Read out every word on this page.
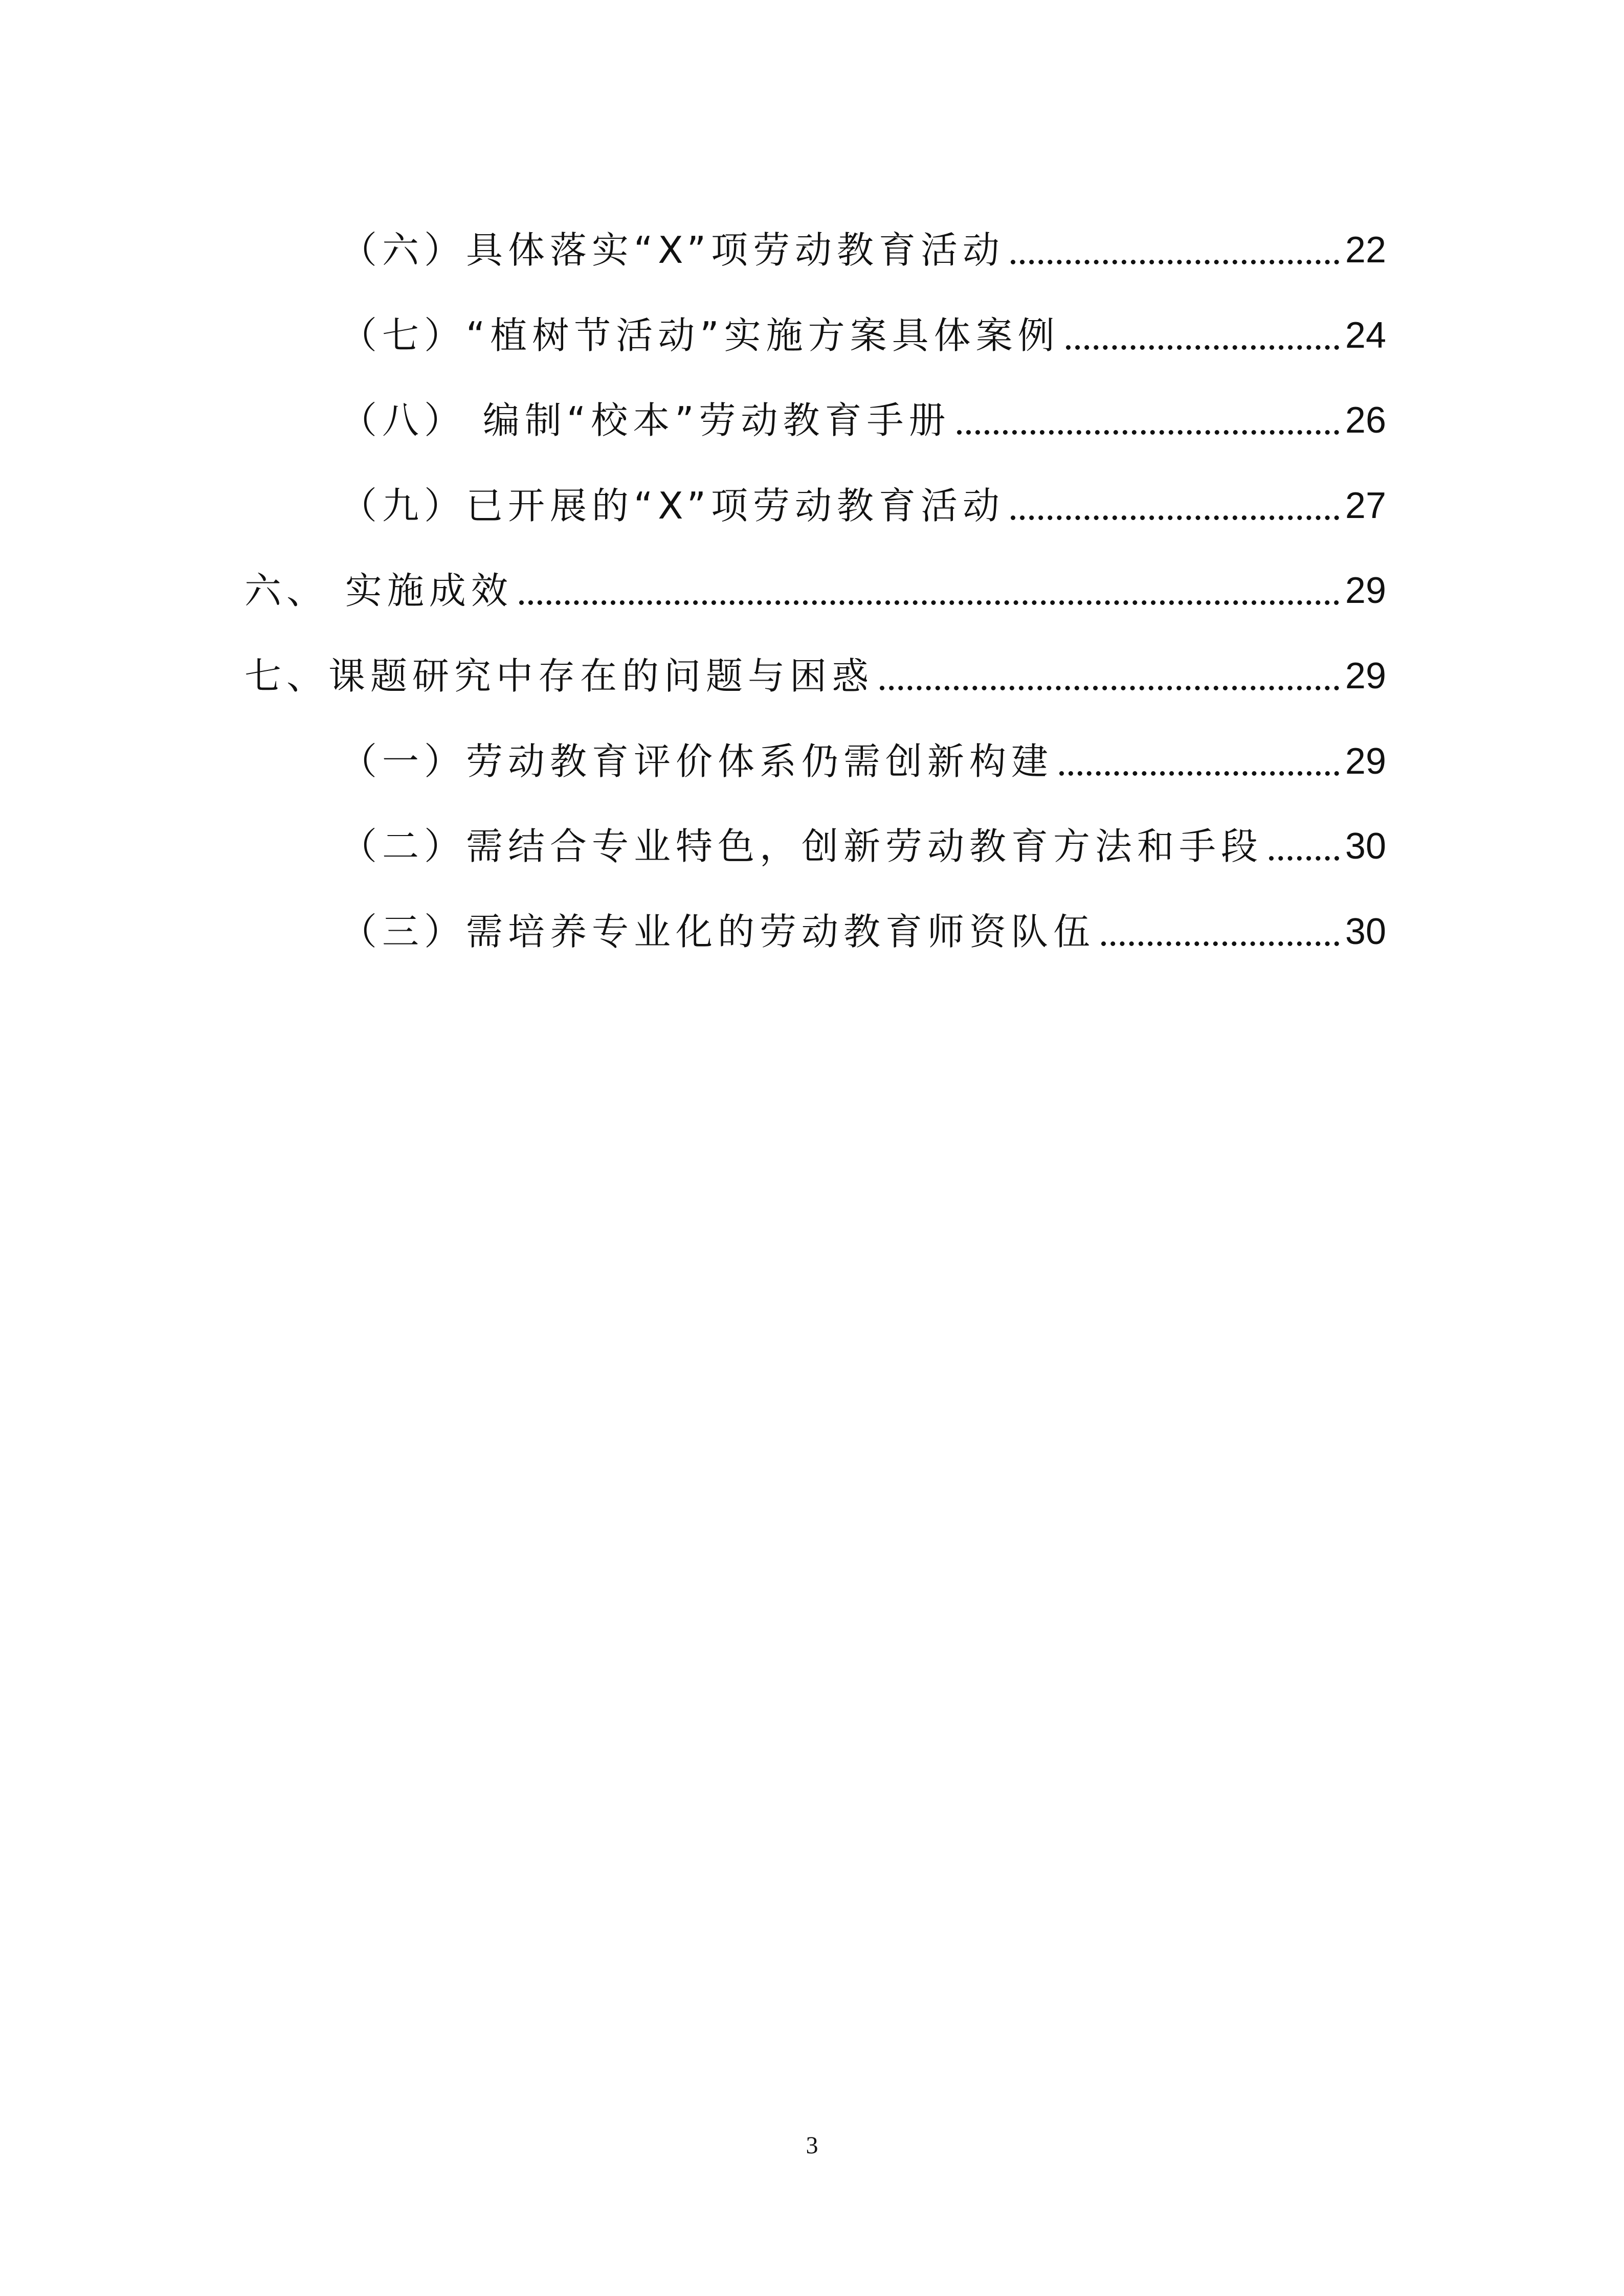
（六）具体落实“X”项劳动教育活动	22
（七）“植树节活动”实施方案具体案例	24
（八） 编制“校本”劳动教育手册	26
（九）已开展的“X”项劳动教育活动	27
六、 实施成效	29
七、课题研究中存在的问题与困惑	29
（一）劳动教育评价体系仍需创新构建	29
（二）需结合专业特色，创新劳动教育方法和手段 30
（三）需培养专业化的劳动教育师资队伍	30
3
